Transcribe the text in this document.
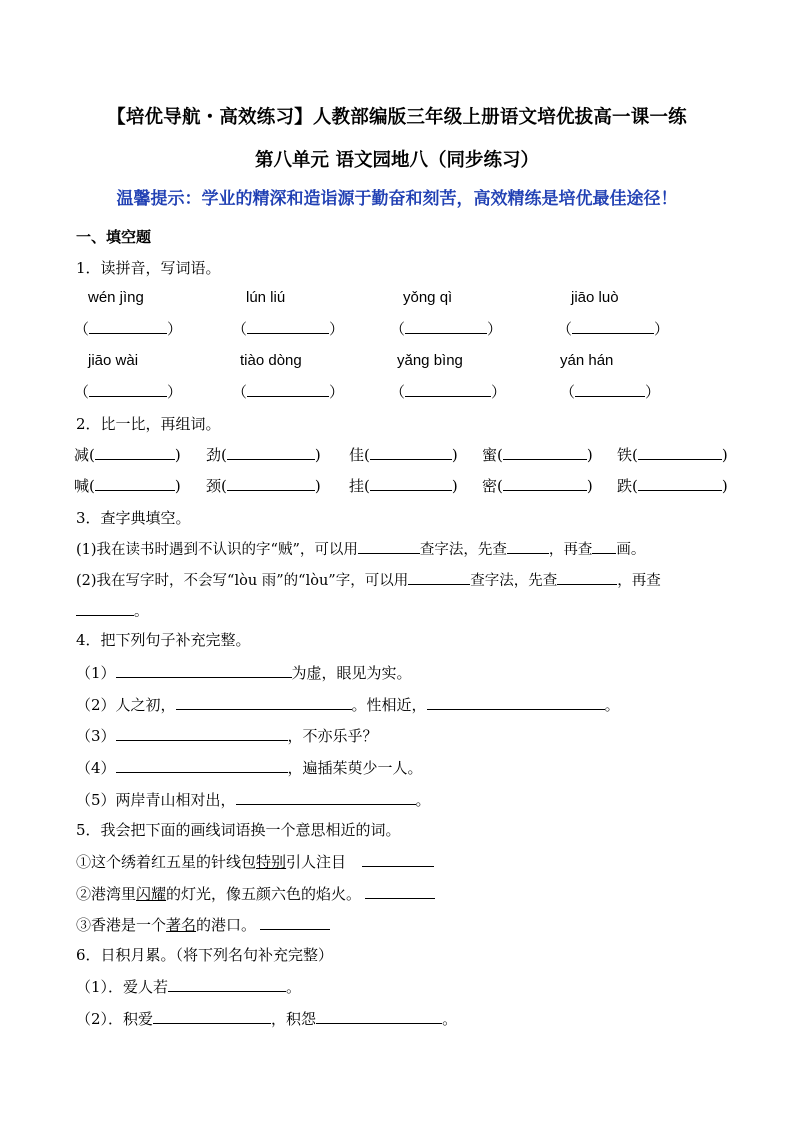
【培优导航・高效练习】人教部编版三年级上册语文培优拔高一课一练
第八单元 语文园地八（同步练习）
温馨提示：学业的精深和造诣源于勤奋和刻苦，高效精练是培优最佳途径！
一、填空题
1．读拼音，写词语。
wén jìng	lún liú	yǒng qì	jiāo luò
（	）	（	）	（	）	（	）
jiāo wài	tiào dòng	yǎng bìng	yán hán
（	）	（	）	（	）	（	）
2．比一比，再组词。
减(	) 劲(	) 佳(	) 蜜(	) 铁(	)
喊(	) 颈(	) 挂(	) 密(	) 跌(	)
3．查字典填空。
(1)我在读书时遇到不认识的字“贼”，可以用	查字法，先查	，再查 画。
(2)我在写字时，不会写“lòu 雨”的“lòu”字，可以用	查字法，先查	，再查
。
4．把下列句子补充完整。
（1）	为虚，眼见为实。
（2）人之初，	。性相近，	。
（3）	，不亦乐乎？
（4）	，遍插茱萸少一人。
（5）两岸青山相对出，	。
5．我会把下面的画线词语换一个意思相近的词。
①这个绣着红五星的针线包特别引人注目
②港湾里闪耀的灯光，像五颜六色的焰火。
③香港是一个著名的港口。
6．日积月累。（将下列名句补充完整）
（1）．爱人若	。
（2）．积爱	，积怨	。
